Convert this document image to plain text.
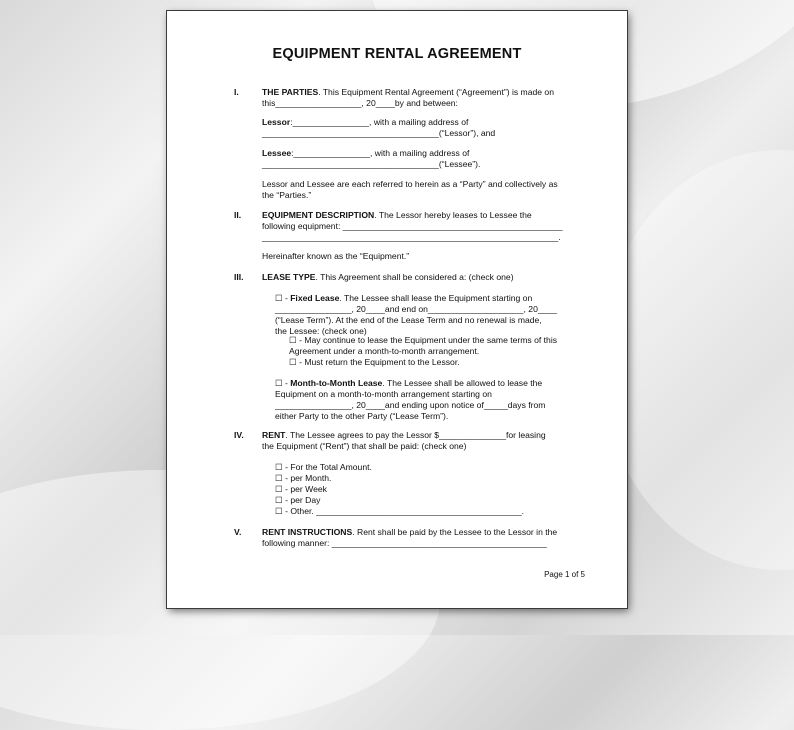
EQUIPMENT RENTAL AGREEMENT
I.	THE PARTIES. This Equipment Rental Agreement (“Agreement”) is made on
this__________________, 20____by and between:
Lessor:________________, with a mailing address of
_____________________________________(“Lessor”), and
Lessee:________________, with a mailing address of
_____________________________________(“Lessee”).
Lessor and Lessee are each referred to herein as a “Party” and collectively as
the “Parties.”
II. EQUIPMENT DESCRIPTION. The Lessor hereby leases to Lessee the
following equipment: ______________________________________________
______________________________________________________________.
Hereinafter known as the “Equipment.”
III. LEASE TYPE. This Agreement shall be considered a: (check one)
☐ - Fixed Lease. The Lessee shall lease the Equipment starting on
________________, 20____and end on____________________, 20____
(“Lease Term”). At the end of the Lease Term and no renewal is made,
the Lessee: (check one)
☐ - May continue to lease the Equipment under the same terms of this
Agreement under a month-to-month arrangement.
☐ - Must return the Equipment to the Lessor.
☐ - Month-to-Month Lease. The Lessee shall be allowed to lease the
Equipment on a month-to-month arrangement starting on
________________, 20____and ending upon notice of_____days from
either Party to the other Party (“Lease Term”).
IV. RENT. The Lessee agrees to pay the Lessor $______________for leasing
the Equipment (“Rent”) that shall be paid: (check one)
☐ - For the Total Amount.
☐ - per Month.
☐ - per Week
☐ - per Day
☐ - Other. ___________________________________________.
V. RENT INSTRUCTIONS. Rent shall be paid by the Lessee to the Lessor in the
following manner: _____________________________________________
Page 1 of 5
